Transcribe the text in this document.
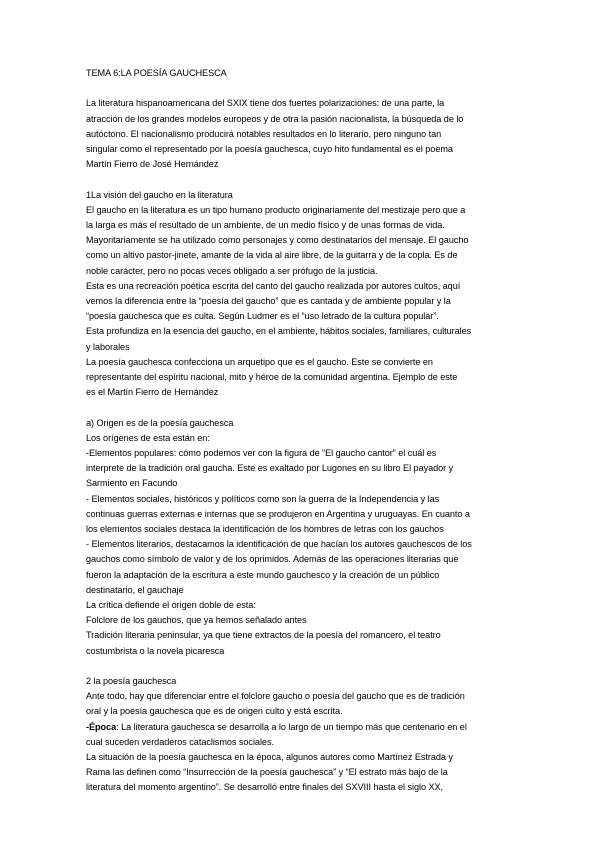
TEMA 6:LA POESÍA GAUCHESCA

La literatura hispanoamericana del SXIX tiene dos fuertes polarizaciones: de una parte, la
atracción de los grandes modelos europeos y de otra la pasión nacionalista, la búsqueda de lo
autóctono. El nacionalismo producirá notables resultados en lo literario, pero ninguno tan
singular como el representado por la poesía gauchesca, cuyo hito fundamental es el poema
Martín Fierro de José Hernández

1La visión del gaucho en la literatura

El gaucho en la literatura es un tipo humano producto originariamente del mestizaje pero que a
la larga es más el resultado de un ambiente, de un medio físico y de unas formas de vida.
Mayoritariamente se ha utilizado como personajes y como destinatarios del mensaje. El gaucho
como un altivo pastor-jinete, amante de la vida al aire libre, de la guitarra y de la copla. Es de
noble carácter, pero no pocas veces obligado a ser prófugo de la justicia.
Esta es una recreación poética escrita del canto del gaucho realizada por autores cultos, aquí
vemos la diferencia entre la “poesía del gaucho” que es cantada y de ambiente popular y la
“poesía gauchesca que es culta. Según Ludmer es el “uso letrado de la cultura popular”.
Esta profundiza en la esencia del gaucho, en el ambiente, hábitos sociales, familiares, culturales
y laborales
La poesía gauchesca confecciona un arquetipo que es el gaucho. Este se convierte en
representante del espíritu nacional, mito y héroe de la comunidad argentina. Ejemplo de este
es el Martín Fierro de Hernández

a) Origen es de la poesía gauchesca

Los orígenes de esta están en:
-Elementos populares: cómo podemos ver con la figura de “El gaucho cantor” el cuál es
interprete de la tradición oral gaucha. Este es exaltado por Lugones en su libro El payador y
Sarmiento en Facundo
- Elementos sociales, históricos y políticos como son la guerra de la Independencia y las
continuas guerras externas e internas que se produjeron en Argentina y uruguayas. En cuanto a
los elementos sociales destaca la identificación de los hombres de letras con los gauchos
- Elementos literarios, destacamos la identificación de que hacían los autores gauchescos de los
gauchos como símbolo de valor y de los oprimidos. Además de las operaciones literarias que
fueron la adaptación de la escritura a este mundo gauchesco y la creación de un público
destinatario, el gauchaje
La crítica defiende el origen doble de esta:
Folclore de los gauchos, que ya hemos señalado antes
Tradición literaria peninsular, ya que tiene extractos de la poesía del romancero, el teatro
costumbrista o la novela picaresca

2 la poesía gauchesca

Ante todo, hay que diferenciar entre el folclore gaucho o poesía del gaucho que es de tradición
oral y la poesía gauchesca que es de origen culto y está escrita.
-Época: La literatura gauchesca se desarrolla a lo largo de un tiempo más que centenario en el
cual suceden verdaderos cataclismos sociales.
La situación de la poesía gauchesca en la época, algunos autores como Martínez Estrada y
Rama las definen como “Insurrección de la poesía gauchesca” y “El estrato más bajo de la
literatura del momento argentino”. Se desarrolló entre finales del SXVIII hasta el siglo XX,
